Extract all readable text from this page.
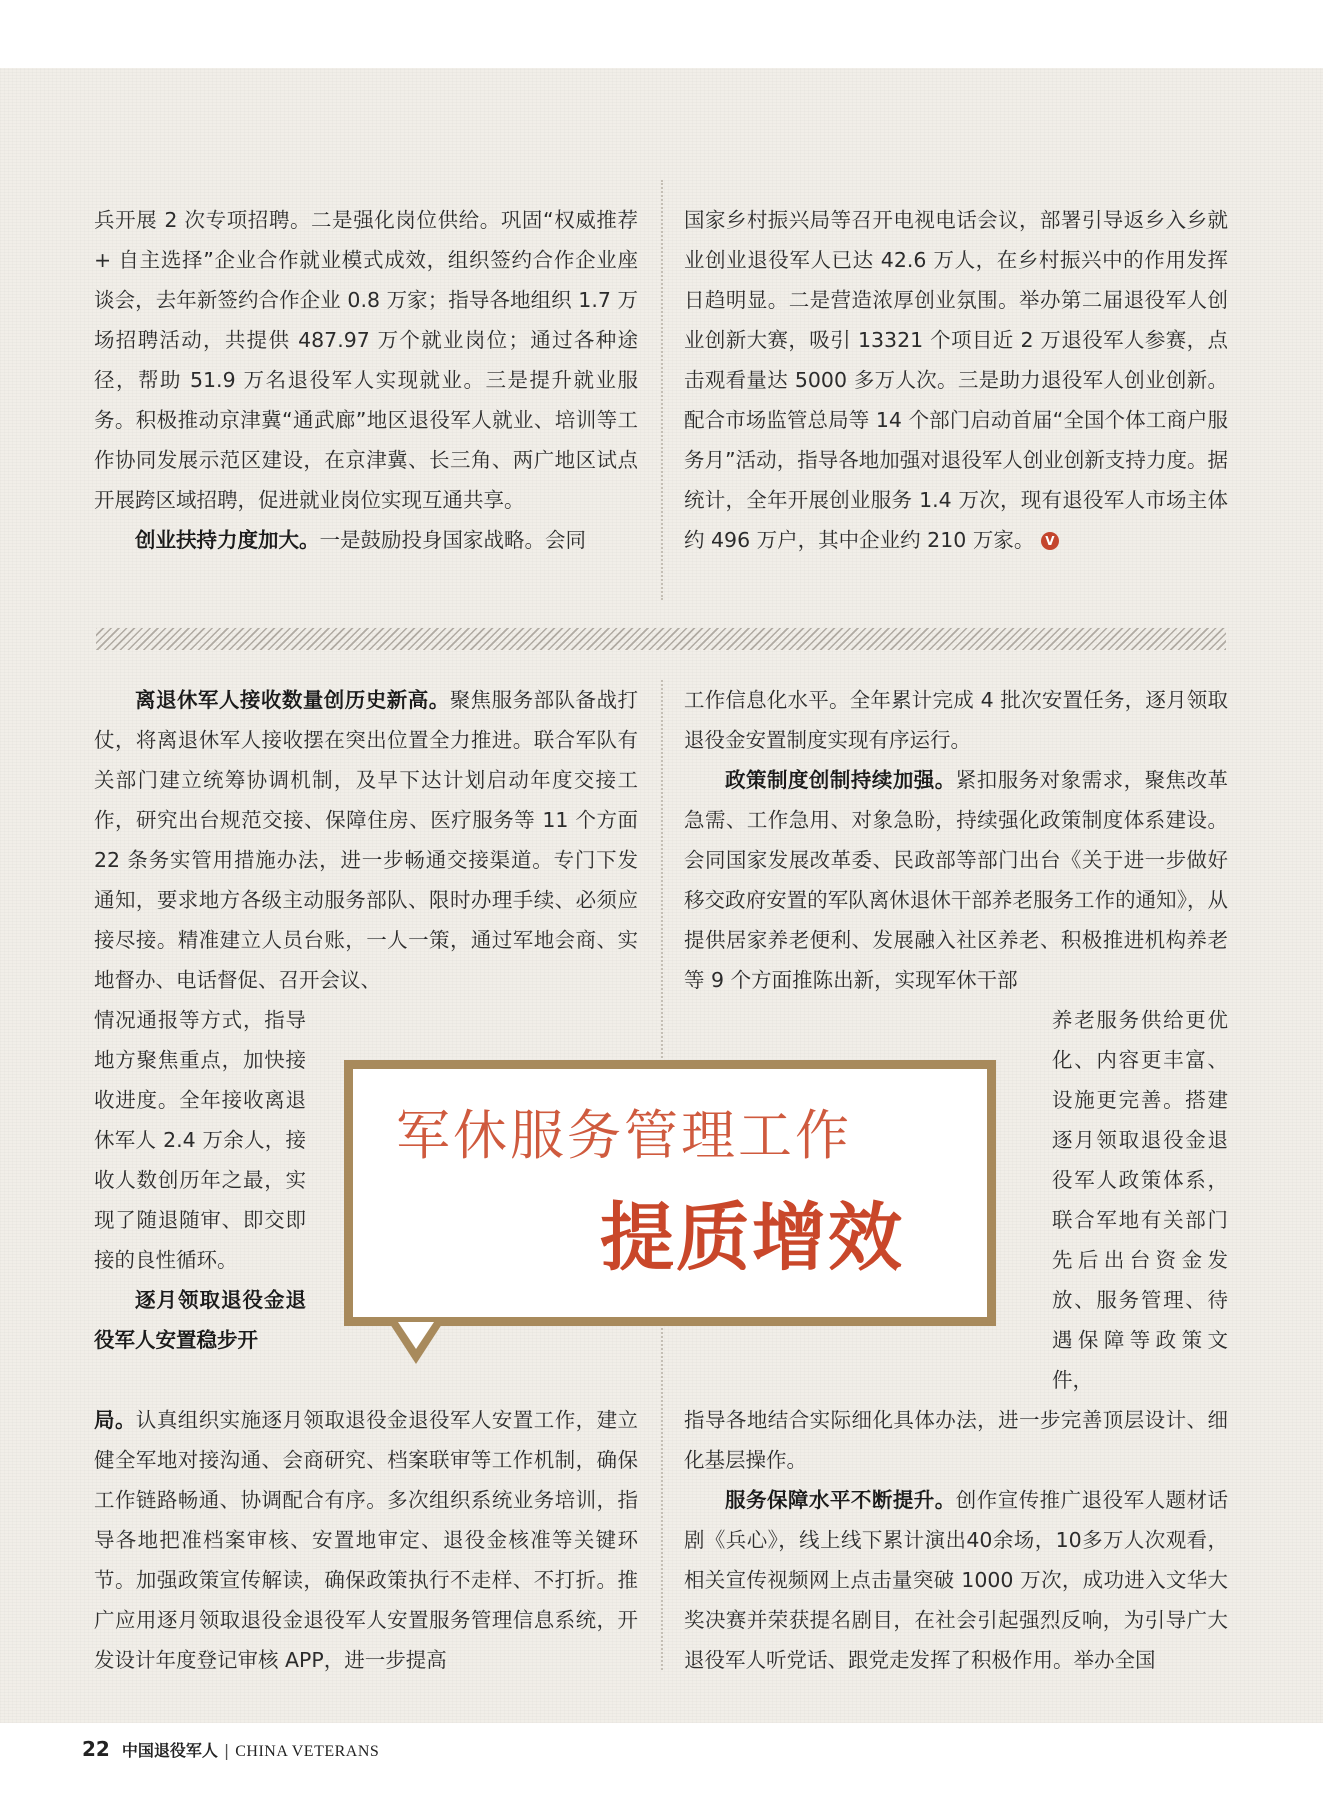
兵开展 2 次专项招聘。二是强化岗位供给。巩固“权威推荐 + 自主选择”企业合作就业模式成效，组织签约合作企业座谈会，去年新签约合作企业 0.8 万家；指导各地组织 1.7 万场招聘活动，共提供 487.97 万个就业岗位；通过各种途径，帮助 51.9 万名退役军人实现就业。三是提升就业服务。积极推动京津冀“通武廊”地区退役军人就业、培训等工作协同发展示范区建设，在京津冀、长三角、两广地区试点开展跨区域招聘，促进就业岗位实现互通共享。

创业扶持力度加大。一是鼓励投身国家战略。会同

国家乡村振兴局等召开电视电话会议，部署引导返乡入乡就业创业退役军人已达 42.6 万人，在乡村振兴中的作用发挥日趋明显。二是营造浓厚创业氛围。举办第二届退役军人创业创新大赛，吸引 13321 个项目近 2 万退役军人参赛，点击观看量达 5000 多万人次。三是助力退役军人创业创新。配合市场监管总局等 14 个部门启动首届“全国个体工商户服务月”活动，指导各地加强对退役军人创业创新支持力度。据统计，全年开展创业服务 1.4 万次，现有退役军人市场主体约 496 万户，其中企业约 210 万家。 V

离退休军人接收数量创历史新高。聚焦服务部队备战打仗，将离退休军人接收摆在突出位置全力推进。联合军队有关部门建立统筹协调机制，及早下达计划启动年度交接工作，研究出台规范交接、保障住房、医疗服务等 11 个方面 22 条务实管用措施办法，进一步畅通交接渠道。专门下发通知，要求地方各级主动服务部队、限时办理手续、必须应接尽接。精准建立人员台账，一人一策，通过军地会商、实地督办、电话督促、召开会议、

情况通报等方式，指导地方聚焦重点，加快接收进度。全年接收离退休军人 2.4 万余人，接收人数创历年之最，实现了随退随审、即交即接的良性循环。

逐月领取退役金退役军人安置稳步开

局。认真组织实施逐月领取退役金退役军人安置工作，建立健全军地对接沟通、会商研究、档案联审等工作机制，确保工作链路畅通、协调配合有序。多次组织系统业务培训，指导各地把准档案审核、安置地审定、退役金核准等关键环节。加强政策宣传解读，确保政策执行不走样、不打折。推广应用逐月领取退役金退役军人安置服务管理信息系统，开发设计年度登记审核 APP，进一步提高

工作信息化水平。全年累计完成 4 批次安置任务，逐月领取退役金安置制度实现有序运行。

政策制度创制持续加强。紧扣服务对象需求，聚焦改革急需、工作急用、对象急盼，持续强化政策制度体系建设。会同国家发展改革委、民政部等部门出台《关于进一步做好移交政府安置的军队离休退休干部养老服务工作的通知》，从提供居家养老便利、发展融入社区养老、积极推进机构养老等 9 个方面推陈出新，实现军休干部

养老服务供给更优化、内容更丰富、设施更完善。搭建逐月领取退役金退役军人政策体系，联合军地有关部门先后出台资金发放、服务管理、待遇保障等政策文件，

指导各地结合实际细化具体办法，进一步完善顶层设计、细化基层操作。

服务保障水平不断提升。创作宣传推广退役军人题材话剧《兵心》，线上线下累计演出40余场，10多万人次观看，相关宣传视频网上点击量突破 1000 万次，成功进入文华大奖决赛并荣获提名剧目，在社会引起强烈反响，为引导广大退役军人听党话、跟党走发挥了积极作用。举办全国

军休服务管理工作
提质增效
22 中国退役军人 | CHINA VETERANS
